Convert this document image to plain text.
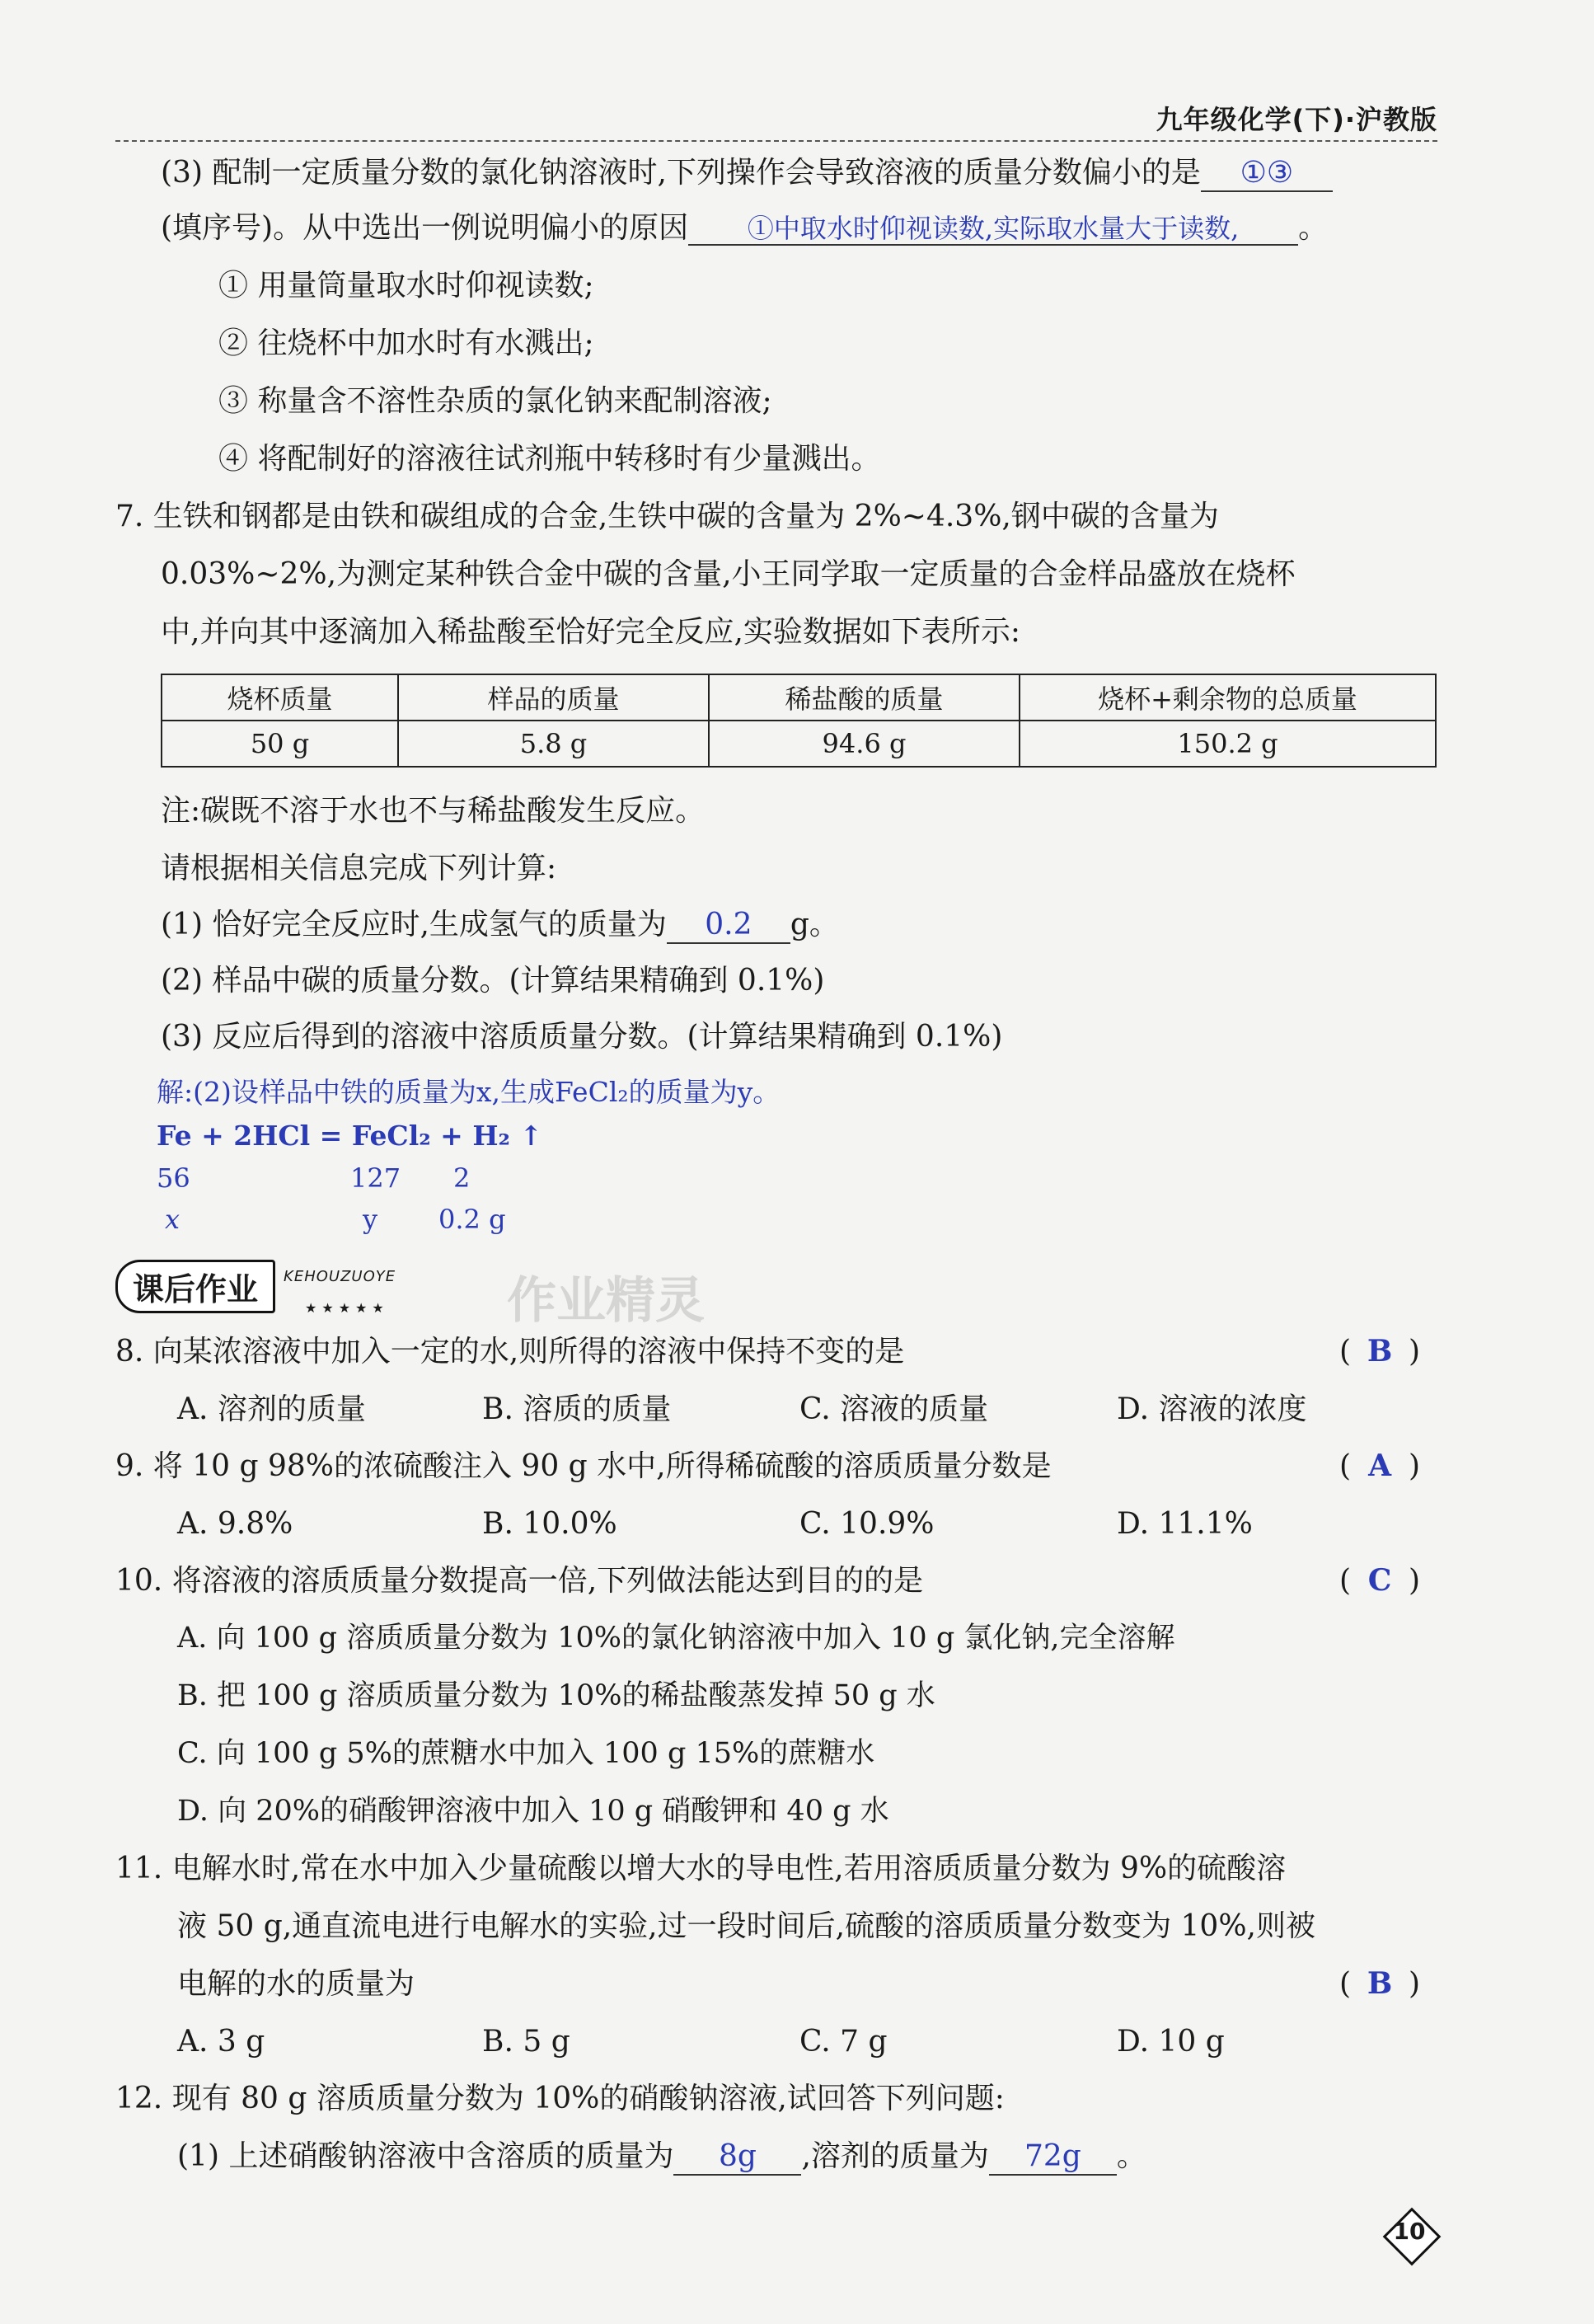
九年级化学(下)·沪教版
(3) 配制一定质量分数的氯化钠溶液时,下列操作会导致溶液的质量分数偏小的是 ①③
(填序号)。从中选出一例说明偏小的原因 ①中取水时仰视读数,实际取水量大于读数, 。
① 用量筒量取水时仰视读数;
② 往烧杯中加水时有水溅出;
③ 称量含不溶性杂质的氯化钠来配制溶液;
④ 将配制好的溶液往试剂瓶中转移时有少量溅出。
7. 生铁和钢都是由铁和碳组成的合金,生铁中碳的含量为 2%~4.3%,钢中碳的含量为
0.03%~2%,为测定某种铁合金中碳的含量,小王同学取一定质量的合金样品盛放在烧杯
中,并向其中逐滴加入稀盐酸至恰好完全反应,实验数据如下表所示:
烧杯质量	样品的质量	稀盐酸的质量	烧杯+剩余物的总质量
50 g	5.8 g	94.6 g	150.2 g
注:碳既不溶于水也不与稀盐酸发生反应。
请根据相关信息完成下列计算:
(1) 恰好完全反应时,生成氢气的质量为 0.2 g。
(2) 样品中碳的质量分数。(计算结果精确到 0.1%)
(3) 反应后得到的溶液中溶质质量分数。(计算结果精确到 0.1%)
解:(2)设样品中铁的质量为x,生成FeCl₂的质量为y。
Fe + 2HCl = FeCl₂ + H₂ ↑
56	127 2
x	y 0.2 g
课后作业	KEHOUZUOYE
★★★★★ 作业精灵
8. 向某浓溶液中加入一定的水,则所得的溶液中保持不变的是	( B )
A. 溶剂的质量	B. 溶质的质量	C. 溶液的质量	D. 溶液的浓度
9. 将 10 g 98%的浓硫酸注入 90 g 水中,所得稀硫酸的溶质质量分数是	( A )
A. 9.8%	B. 10.0%	C. 10.9%	D. 11.1%
10. 将溶液的溶质质量分数提高一倍,下列做法能达到目的的是	( C )
A. 向 100 g 溶质质量分数为 10%的氯化钠溶液中加入 10 g 氯化钠,完全溶解
B. 把 100 g 溶质质量分数为 10%的稀盐酸蒸发掉 50 g 水
C. 向 100 g 5%的蔗糖水中加入 100 g 15%的蔗糖水
D. 向 20%的硝酸钾溶液中加入 10 g 硝酸钾和 40 g 水
11. 电解水时,常在水中加入少量硫酸以增大水的导电性,若用溶质质量分数为 9%的硫酸溶
液 50 g,通直流电进行电解水的实验,过一段时间后,硫酸的溶质质量分数变为 10%,则被
电解的水的质量为	( B )
A. 3 g	B. 5 g	C. 7 g	D. 10 g
12. 现有 80 g 溶质质量分数为 10%的硝酸钠溶液,试回答下列问题:
(1) 上述硝酸钠溶液中含溶质的质量为 8g ,溶剂的质量为 72g 。
10
